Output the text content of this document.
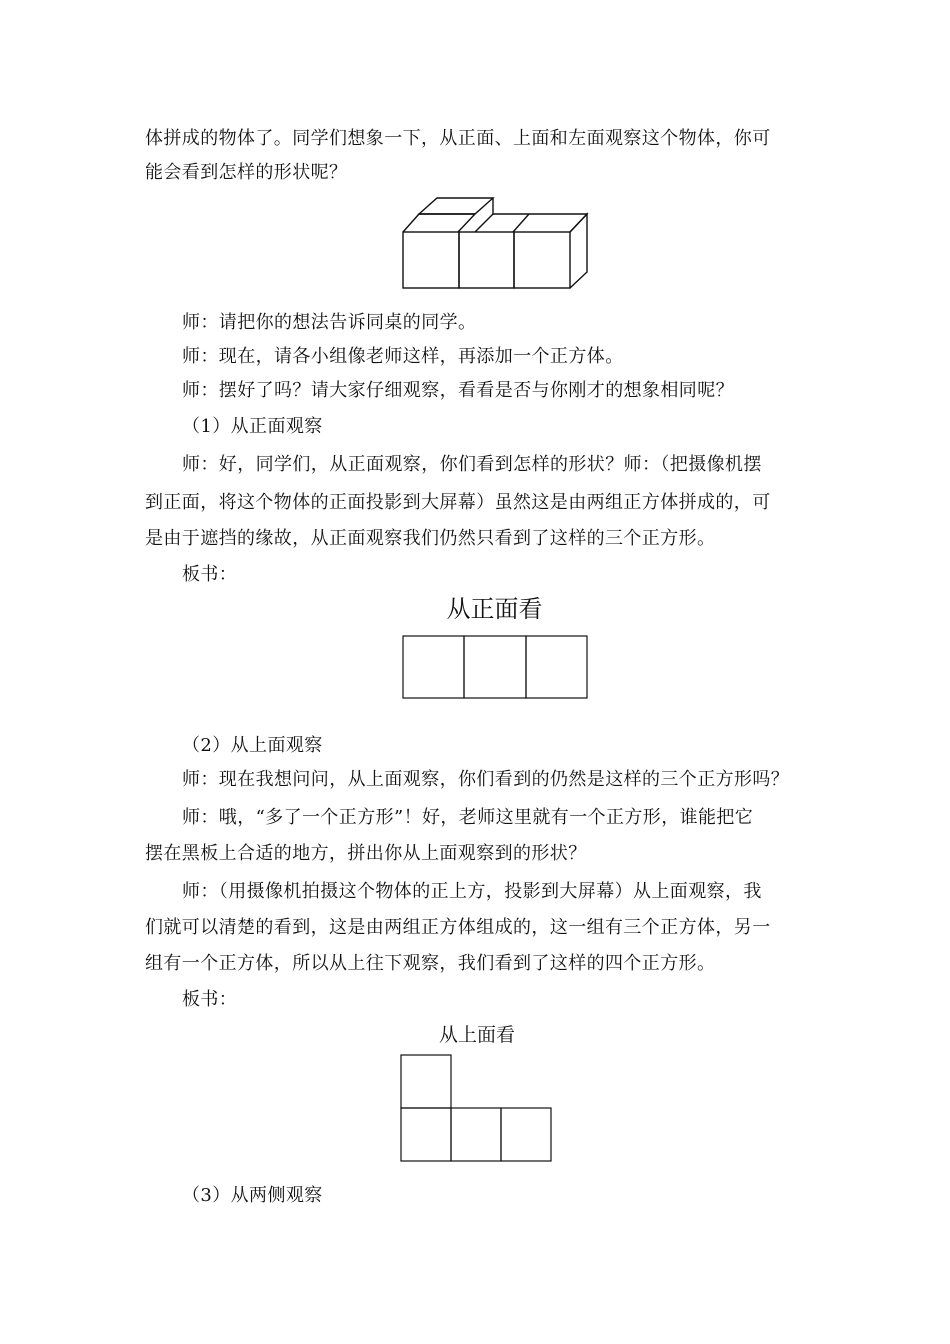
体拼成的物体了。同学们想象一下，从正面、上面和左面观察这个物体，你可
能会看到怎样的形状呢？
师：请把你的想法告诉同桌的同学。
师：现在，请各小组像老师这样，再添加一个正方体。
师：摆好了吗？请大家仔细观察，看看是否与你刚才的想象相同呢？
（1）从正面观察
师：好，同学们，从正面观察，你们看到怎样的形状？师：（把摄像机摆
到正面，将这个物体的正面投影到大屏幕）虽然这是由两组正方体拼成的，可
是由于遮挡的缘故，从正面观察我们仍然只看到了这样的三个正方形。
板书：
从正面看
（2）从上面观察
师：现在我想问问，从上面观察，你们看到的仍然是这样的三个正方形吗？
师：哦，“多了一个正方形”！好，老师这里就有一个正方形，谁能把它
摆在黑板上合适的地方，拼出你从上面观察到的形状？
师：（用摄像机拍摄这个物体的正上方，投影到大屏幕）从上面观察，我
们就可以清楚的看到，这是由两组正方体组成的，这一组有三个正方体，另一
组有一个正方体，所以从上往下观察，我们看到了这样的四个正方形。
板书：
从上面看
（3）从两侧观察
